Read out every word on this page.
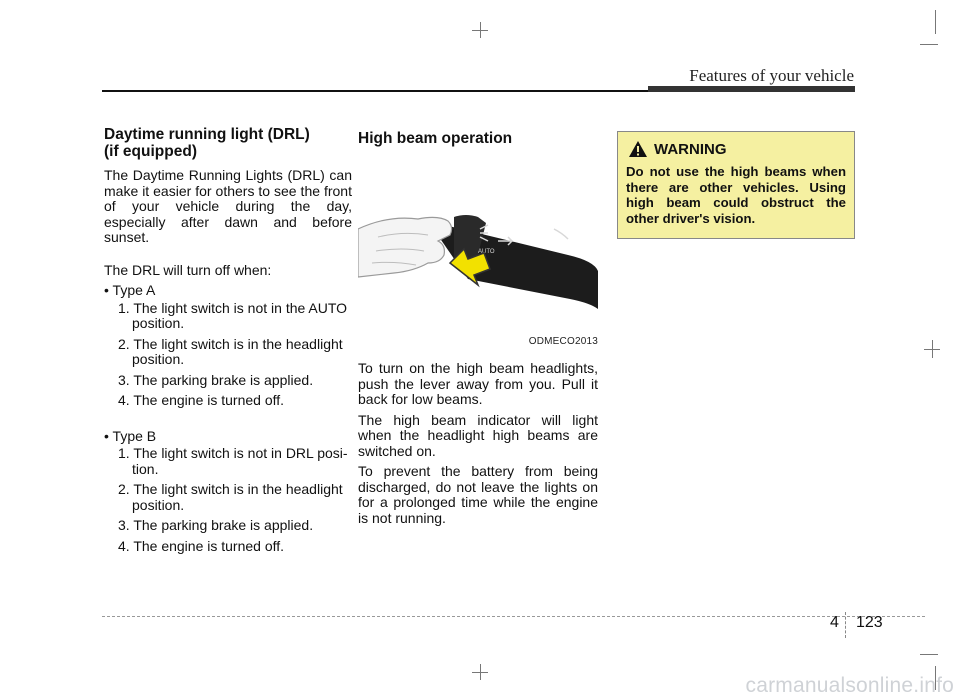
Features of your vehicle
Daytime running light (DRL)
(if equipped)

The Daytime Running Lights (DRL) can make it easier for others to see the front of your vehicle during the day, especially after dawn and before sunset.

The DRL will turn off when:

• Type A

1. The light switch is not in the AUTO position.
2. The light switch is in the headlight position.
3. The parking brake is applied.
4. The engine is turned off.

• Type B

1. The light switch is not in DRL posi- tion.
2. The light switch is in the headlight position.
3. The parking brake is applied.
4. The engine is turned off.
High beam operation
AUTO
ODMECO2013

To turn on the high beam headlights, push the lever away from you. Pull it back for low beams.

The high beam indicator will light when the headlight high beams are switched on.

To prevent the battery from being discharged, do not leave the lights on for a prolonged time while the engine is not running.

WARNING
Do not use the high beams when there are other vehicles. Using high beam could obstruct the other driver's vision.
4 123
carmanualsonline.info
